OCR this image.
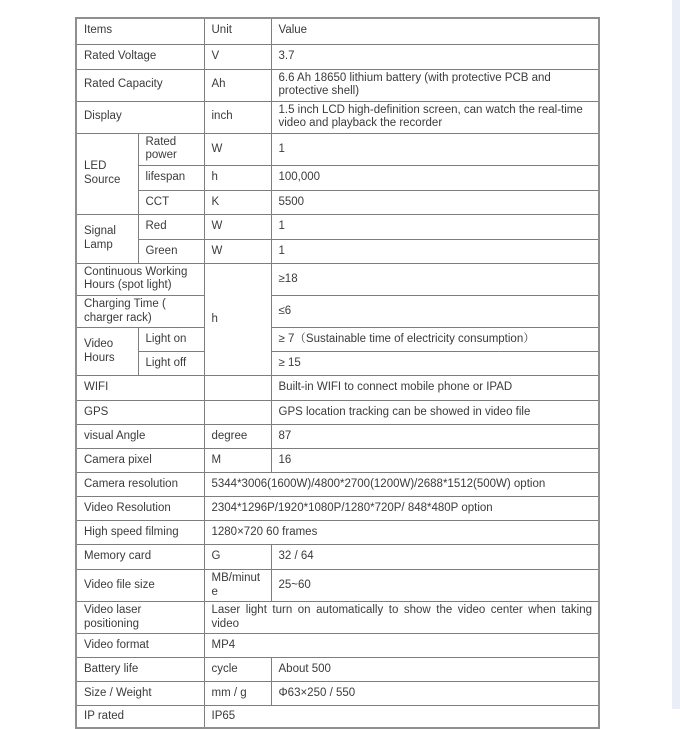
Items		Unit	Value
Rated Voltage		V	3.7
Rated Capacity		Ah	6.6 Ah 18650 lithium battery (with protective PCB and protective shell)
Display		inch	1.5 inch LCD high-definition screen, can watch the real-time video and playback the recorder
LED Source	Rated power	W	1
	lifespan	h	100,000
	CCT	K	5500
Signal Lamp	Red	W	1
	Green	W	1
Continuous Working Hours (spot light)		h	≥18
Charging Time ( charger rack)			≤6
Video Hours	Light on		≥ 7（Sustainable time of electricity consumption）
	Light off		≥ 15
WIFI			Built-in WIFI to connect mobile phone or IPAD
GPS			GPS location tracking can be showed in video file
visual Angle		degree	87
Camera pixel		M	16
Camera resolution		5344*3006(1600W)/4800*2700(1200W)/2688*1512(500W) option	
Video Resolution		2304*1296P/1920*1080P/1280*720P/ 848*480P option	
High speed filming		1280×720 60 frames	
Memory card		G	32 / 64
Video file size		MB/minute	25~60
Video laser positioning		Laser light turn on automatically to show the video center when taking video	
Video format		MP4	
Battery life		cycle	About 500
Size / Weight		mm / g	Φ63×250 / 550
IP rated		IP65	
